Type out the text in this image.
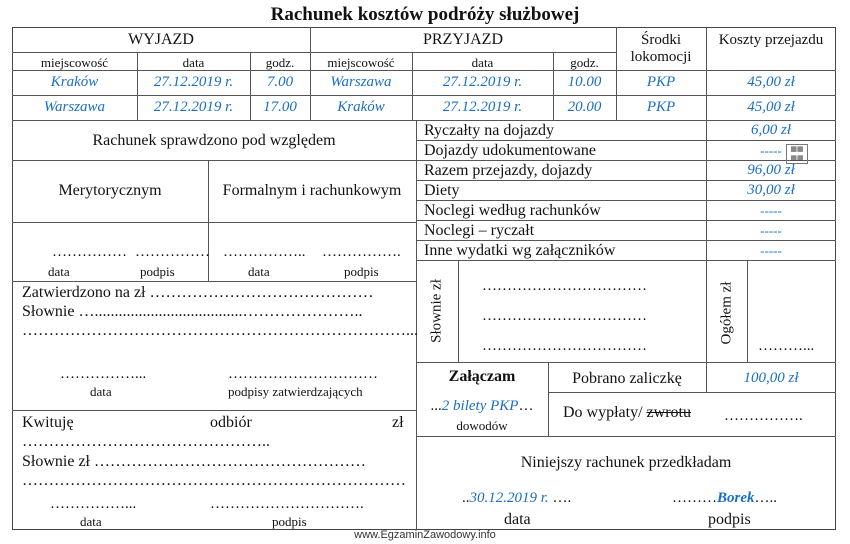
Rachunek kosztów podróży służbowej
WYJAZD	PRZYJAZD	Środki lokomocji
Koszty przejazdu
miejscowość	data	godz.	miejscowość	data	godz.
Kraków	27.12.2019 r.	7.00	Warszawa	27.12.2019 r.	10.00	PKP	45,00 zł
Warszawa	27.12.2019 r.	17.00	Kraków	27.12.2019 r.	20.00	PKP	45,00 zł
Rachunek sprawdzono pod względem
Merytorycznym	Formalnym i rachunkowym
…………… …………… …………….. …………….
data	podpis	data	podpis
Ryczałty na dojazdy	6,00 zł
Dojazdy udokumentowane	-----
Razem przejazdy, dojazdy	96,00 zł
Diety	30,00 zł
Noclegi według rachunków	-----
Noclegi – ryczałt	-----
Inne wydatki wg załączników	-----
▦▦
▦▦
Słownie zł	……………………………
……………………………
……………………………
Ogółem zł
………...
Zatwierdzono na zł ……………………………………
Słownie ….....................................…………………..
………………………………………………………………...
……………...	…………………………
data	podpisy zatwierdzających
Załączam
...2 bilety PKP…
dowodów
Pobrano zaliczkę	100,00 zł
Do wypłaty/ zwrotu	…………….
Kwituję	odbiór	zł
………………………………………..
Słownie zł ……………………………………………
………………………………………………………………
……………...	………………………….
data	podpis
Niniejszy rachunek przedkładam
..30.12.2019 r. ….	………Borek…..
data	podpis
www.EgzaminZawodowy.info
